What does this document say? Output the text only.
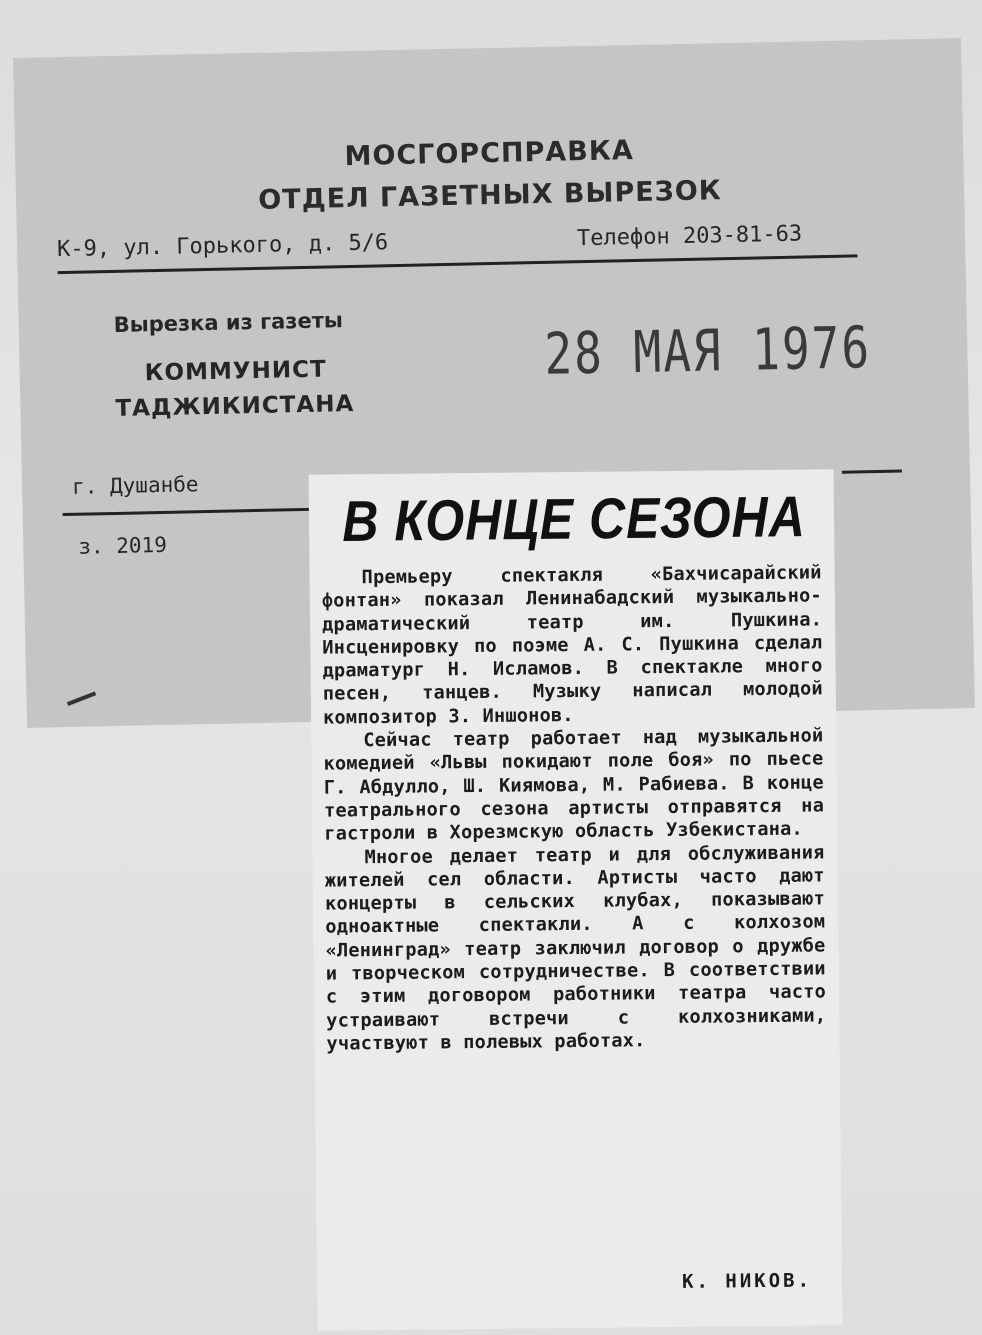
МОСГОРСПРАВКА
ОТДЕЛ ГАЗЕТНЫХ ВЫРЕЗОК
К-9, ул. Горького, д. 5/6	Телефон 203-81-63
Вырезка из газеты
КОММУНИСТ
ТАДЖИКИСТАНА
28 МАЯ 1976
г. Душанбе
з. 2019	В КОНЦЕ СЕЗОНА

Премьеру спектакля «Бахчисарайский фонтан» показал Ленинабадский музыкально-драматический театр им. Пушкина. Инсценировку по поэме А. С. Пушкина сделал драматург Н. Исламов. В спектакле много песен, танцев. Музыку написал молодой композитор З. Иншонов.

Сейчас театр работает над музыкальной комедией «Львы покидают поле боя» по пьесе Г. Абдулло, Ш. Киямова, М. Рабиева. В конце театрального сезона артисты отправятся на гастроли в Хорезмскую область Узбекистана.

Многое делает театр и для обслуживания жителей сел области. Артисты часто дают концерты в сельских клубах, показывают одноактные спектакли. А с колхозом «Ленинград» театр заключил договор о дружбе и творческом сотрудничестве. В соответствии с этим договором работники театра часто устраивают встречи с колхозниками, участвуют в полевых работах.

К. НИКОВ.
